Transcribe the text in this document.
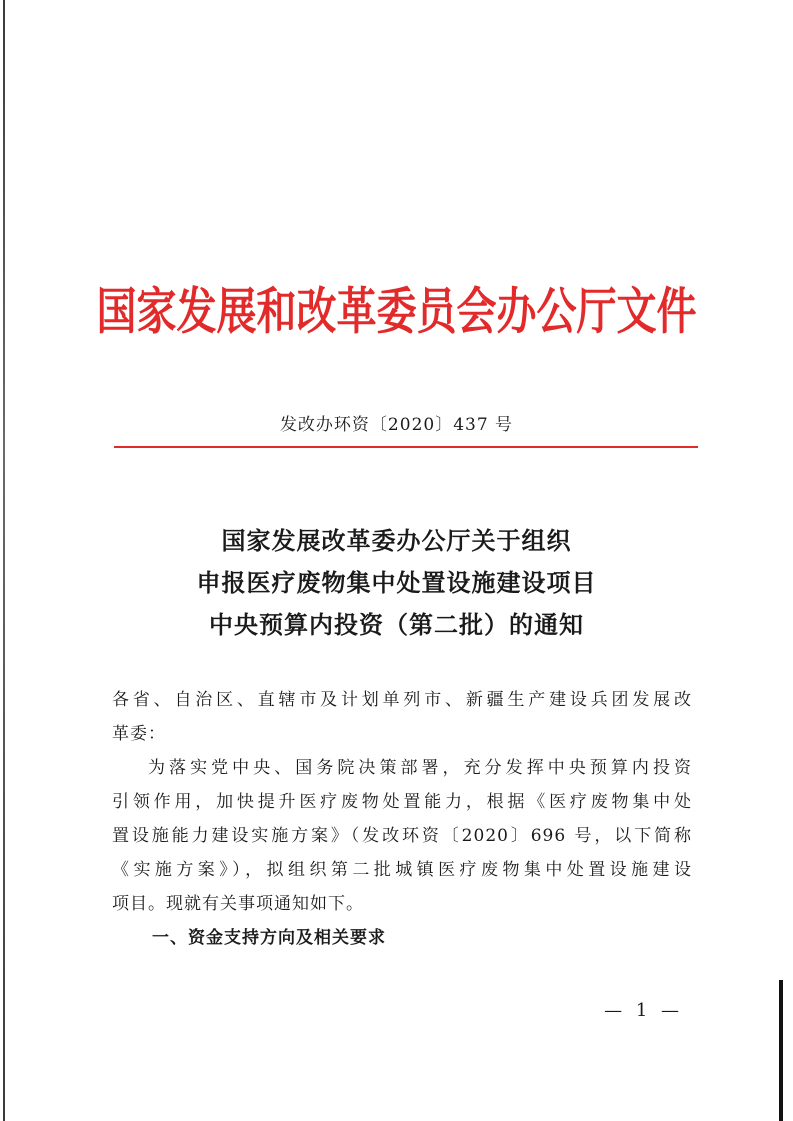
国家发展和改革委员会办公厅文件
发改办环资〔2020〕437 号
国家发展改革委办公厅关于组织
申报医疗废物集中处置设施建设项目
中央预算内投资（第二批）的通知
各省、自治区、直辖市及计划单列市、新疆生产建设兵团发展改
革委：
为落实党中央、国务院决策部署，充分发挥中央预算内投资
引领作用，加快提升医疗废物处置能力，根据《医疗废物集中处
置设施能力建设实施方案》（发改环资〔2020〕696 号，以下简称
《实施方案》），拟组织第二批城镇医疗废物集中处置设施建设
项目。现就有关事项通知如下。
一、资金支持方向及相关要求
— 1 —
